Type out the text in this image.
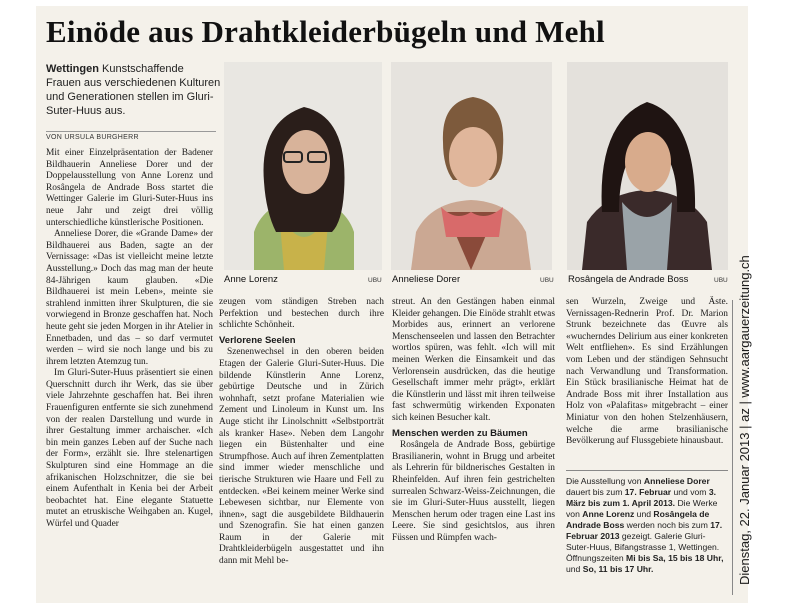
Einöde aus Drahtkleiderbügeln und Mehl
Wettingen Kunstschaffende Frauen aus verschiedenen Kulturen und Generationen stellen im Gluri-Suter-Huus aus.
VON URSULA BURGHERR
Anne Lorenz	UBU Anneliese Dorer	UBU Rosângela de Andrade Boss	UBU

Mit einer Einzelpräsentation der Badener Bildhauerin Anneliese Dorer und der Doppelausstellung von Anne Lorenz und Rosângela de Andrade Boss startet die Wettinger Galerie im Gluri-Suter-Huus ins neue Jahr und zeigt drei völlig unterschiedliche künstlerische Positionen.

Anneliese Dorer, die «Grande Dame» der Bildhauerei aus Baden, sagte an der Vernissage: «Das ist vielleicht meine letzte Ausstellung.» Doch das mag man der heute 84-Jährigen kaum glauben. «Die Bildhauerei ist mein Leben», meinte sie strahlend inmitten ihrer Skulpturen, die sie vorwiegend in Bronze geschaffen hat. Noch heute geht sie jeden Morgen in ihr Atelier in Ennetbaden, und das – so darf vermutet werden – wird sie noch lange und bis zu ihrem letzten Atemzug tun.

Im Gluri-Suter-Huus präsentiert sie einen Querschnitt durch ihr Werk, das sie über viele Jahrzehnte geschaffen hat. Bei ihren Frauenfiguren entfernte sie sich zunehmend von der realen Darstellung und wurde in ihrer Gestaltung immer archaischer. «Ich bin mein ganzes Leben auf der Suche nach der Form», erzählt sie. Ihre stelenartigen Skulpturen sind eine Hommage an die afrikanischen Holzschnitzer, die sie bei einem Aufenthalt in Kenia bei der Arbeit beobachtet hat. Eine elegante Statuette mutet an etruskische Weihgaben an. Kugel, Würfel und Quader

zeugen vom ständigen Streben nach Perfektion und bestechen durch ihre schlichte Schönheit.

Verlorene Seelen

Szenenwechsel in den oberen beiden Etagen der Galerie Gluri-Suter-Huus. Die bildende Künstlerin Anne Lorenz, gebürtige Deutsche und in Zürich wohnhaft, setzt profane Materialien wie Zement und Linoleum in Kunst um. Ins Auge sticht ihr Linolschnitt «Selbstporträt als kranker Hase». Neben dem Langohr liegen ein Büstenhalter und eine Strumpfhose. Auch auf ihren Zementplatten sind immer wieder menschliche und tierische Strukturen wie Haare und Fell zu entdecken. «Bei keinem meiner Werke sind Lebewesen sichtbar, nur Elemente von ihnen», sagt die ausgebildete Bildhauerin und Szenografin. Sie hat einen ganzen Raum in der Galerie mit Drahtkleiderbügeln ausgestattet und ihn dann mit Mehl be-

streut. An den Gestängen haben einmal Kleider gehangen. Die Einöde strahlt etwas Morbides aus, erinnert an verlorene Menschenseelen und lassen den Betrachter wortlos spüren, was fehlt. «Ich will mit meinen Werken die Einsamkeit und das Verlorensein ausdrücken, das die heutige Gesellschaft immer mehr prägt», erklärt die Künstlerin und lässt mit ihren teilweise fast schwermütig wirkenden Exponaten sich keinen Besucher kalt.

Menschen werden zu Bäumen

Rosângela de Andrade Boss, gebürtige Brasilianerin, wohnt in Brugg und arbeitet als Lehrerin für bildnerisches Gestalten in Rheinfelden. Auf ihren fein gestrichelten surrealen Schwarz-Weiss-Zeichnungen, die sie im Gluri-Suter-Huus ausstellt, liegen Menschen herum oder tragen eine Last ins Leere. Sie sind gesichtslos, aus ihren Füssen und Rümpfen wach-

sen Wurzeln, Zweige und Äste. Vernissagen-Rednerin Prof. Dr. Marion Strunk bezeichnete das Œuvre als «wucherndes Delirium aus einer konkreten Welt entfliehen». Es sind Erzählungen vom Leben und der ständigen Sehnsucht nach Verwandlung und Transformation. Ein Stück brasilianische Heimat hat de Andrade Boss mit ihrer Installation aus Holz von «Palafitas» mitgebracht – einer Miniatur von den hohen Stelzenhäusern, welche die arme brasilianische Bevölkerung auf Flussgebiete hinausbaut.

Die Ausstellung von Anneliese Dorer dauert bis zum 17. Februar und vom 3. März bis zum 1. April 2013. Die Werke von Anne Lorenz und Rosângela de Andrade Boss werden noch bis zum 17. Februar 2013 gezeigt. Galerie Gluri-Suter-Huus, Bifangstrasse 1, Wettingen. Öffnungszeiten Mi bis Sa, 15 bis 18 Uhr, und So, 11 bis 17 Uhr.	Dienstag, 22. Januar 2013 | az | www.aargauerzeitung.ch
